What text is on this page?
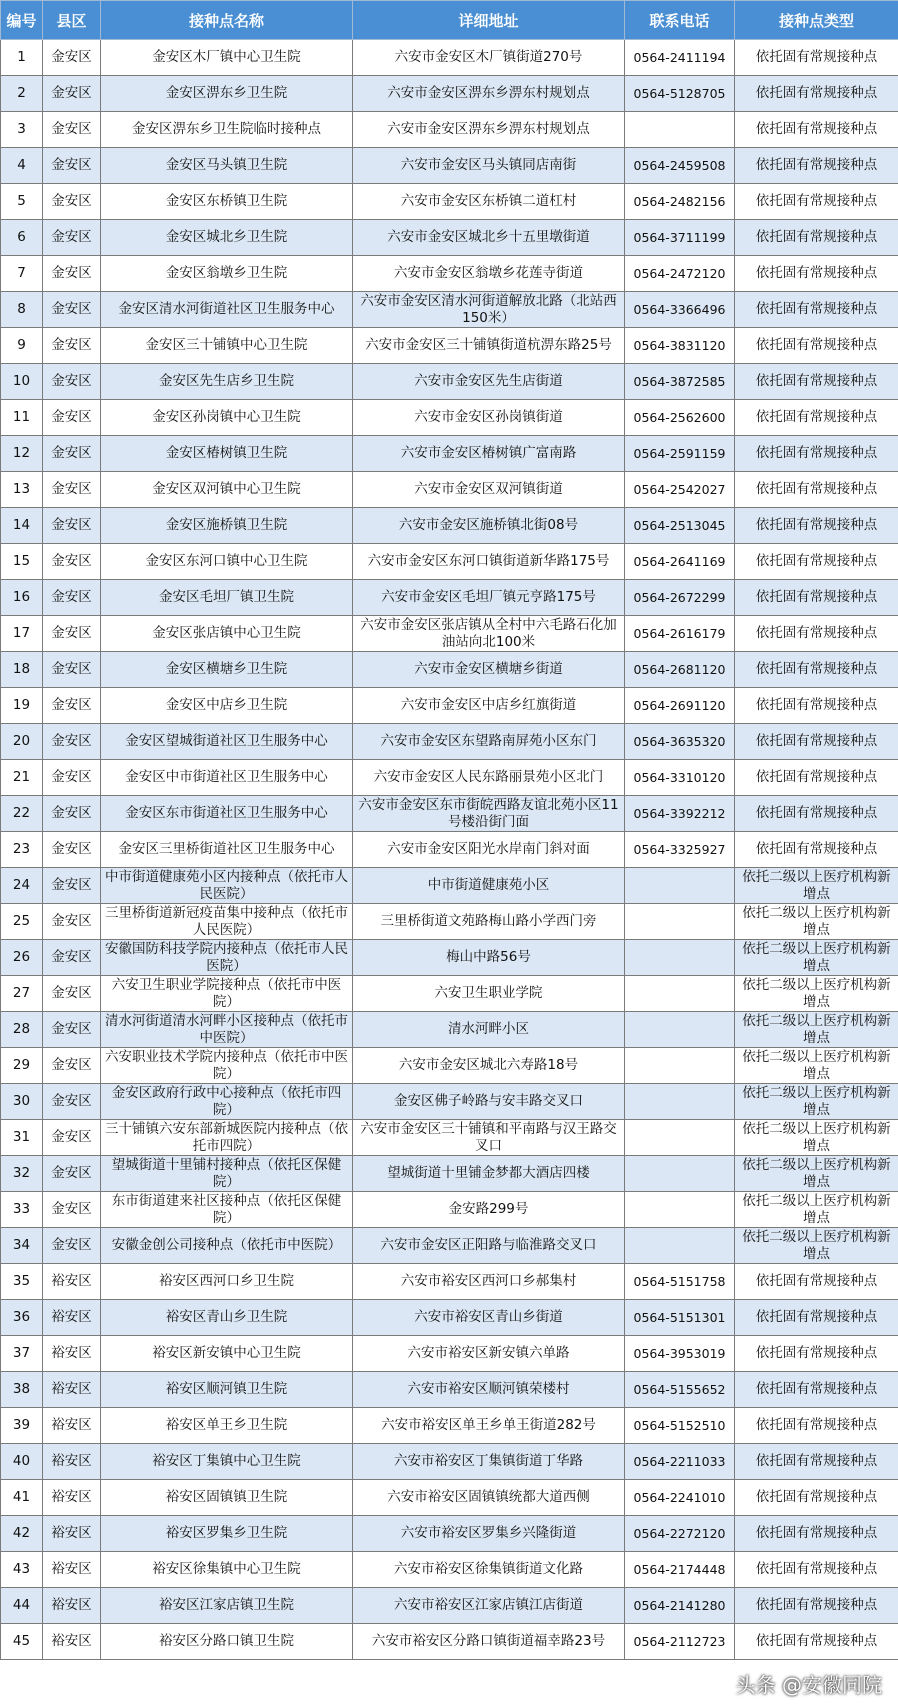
编号	县区	接种点名称	详细地址	联系电话	接种点类型
1	金安区	金安区木厂镇中心卫生院	六安市金安区木厂镇街道270号	0564-2411194	依托固有常规接种点
2	金安区	金安区淠东乡卫生院	六安市金安区淠东乡淠东村规划点	0564-5128705	依托固有常规接种点
3	金安区	金安区淠东乡卫生院临时接种点	六安市金安区淠东乡淠东村规划点		依托固有常规接种点
4	金安区	金安区马头镇卫生院	六安市金安区马头镇同店南街	0564-2459508	依托固有常规接种点
5	金安区	金安区东桥镇卫生院	六安市金安区东桥镇二道杠村	0564-2482156	依托固有常规接种点
6	金安区	金安区城北乡卫生院	六安市金安区城北乡十五里墩街道	0564-3711199	依托固有常规接种点
7	金安区	金安区翁墩乡卫生院	六安市金安区翁墩乡花莲寺街道	0564-2472120	依托固有常规接种点
8	金安区	金安区清水河街道社区卫生服务中心	六安市金安区清水河街道解放北路（北站西150米）	0564-3366496	依托固有常规接种点
9	金安区	金安区三十铺镇中心卫生院	六安市金安区三十铺镇街道杭淠东路25号	0564-3831120	依托固有常规接种点
10	金安区	金安区先生店乡卫生院	六安市金安区先生店街道	0564-3872585	依托固有常规接种点
11	金安区	金安区孙岗镇中心卫生院	六安市金安区孙岗镇街道	0564-2562600	依托固有常规接种点
12	金安区	金安区椿树镇卫生院	六安市金安区椿树镇广富南路	0564-2591159	依托固有常规接种点
13	金安区	金安区双河镇中心卫生院	六安市金安区双河镇街道	0564-2542027	依托固有常规接种点
14	金安区	金安区施桥镇卫生院	六安市金安区施桥镇北街08号	0564-2513045	依托固有常规接种点
15	金安区	金安区东河口镇中心卫生院	六安市金安区东河口镇街道新华路175号	0564-2641169	依托固有常规接种点
16	金安区	金安区毛坦厂镇卫生院	六安市金安区毛坦厂镇元亨路175号	0564-2672299	依托固有常规接种点
17	金安区	金安区张店镇中心卫生院	六安市金安区张店镇从全村中六毛路石化加油站向北100米	0564-2616179	依托固有常规接种点
18	金安区	金安区横塘乡卫生院	六安市金安区横塘乡街道	0564-2681120	依托固有常规接种点
19	金安区	金安区中店乡卫生院	六安市金安区中店乡红旗街道	0564-2691120	依托固有常规接种点
20	金安区	金安区望城街道社区卫生服务中心	六安市金安区东望路南屏苑小区东门	0564-3635320	依托固有常规接种点
21	金安区	金安区中市街道社区卫生服务中心	六安市金安区人民东路丽景苑小区北门	0564-3310120	依托固有常规接种点
22	金安区	金安区东市街道社区卫生服务中心	六安市金安区东市街皖西路友谊北苑小区11号楼沿街门面	0564-3392212	依托固有常规接种点
23	金安区	金安区三里桥街道社区卫生服务中心	六安市金安区阳光水岸南门斜对面	0564-3325927	依托固有常规接种点
24	金安区	中市街道健康苑小区内接种点（依托市人民医院）	中市街道健康苑小区		依托二级以上医疗机构新增点
25	金安区	三里桥街道新冠疫苗集中接种点（依托市人民医院）	三里桥街道文苑路梅山路小学西门旁		依托二级以上医疗机构新增点
26	金安区	安徽国防科技学院内接种点（依托市人民医院）	梅山中路56号		依托二级以上医疗机构新增点
27	金安区	六安卫生职业学院接种点（依托市中医院）	六安卫生职业学院		依托二级以上医疗机构新增点
28	金安区	清水河街道清水河畔小区接种点（依托市中医院）	清水河畔小区		依托二级以上医疗机构新增点
29	金安区	六安职业技术学院内接种点（依托市中医院）	六安市金安区城北六寿路18号		依托二级以上医疗机构新增点
30	金安区	金安区政府行政中心接种点（依托市四院）	金安区佛子岭路与安丰路交叉口		依托二级以上医疗机构新增点
31	金安区	三十铺镇六安东部新城医院内接种点（依托市四院）	六安市金安区三十铺镇和平南路与汉王路交叉口		依托二级以上医疗机构新增点
32	金安区	望城街道十里铺村接种点（依托区保健院）	望城街道十里铺金梦都大酒店四楼		依托二级以上医疗机构新增点
33	金安区	东市街道建来社区接种点（依托区保健院）	金安路299号		依托二级以上医疗机构新增点
34	金安区	安徽金创公司接种点（依托市中医院）	六安市金安区正阳路与临淮路交叉口		依托二级以上医疗机构新增点
35	裕安区	裕安区西河口乡卫生院	六安市裕安区西河口乡郝集村	0564-5151758	依托固有常规接种点
36	裕安区	裕安区青山乡卫生院	六安市裕安区青山乡街道	0564-5151301	依托固有常规接种点
37	裕安区	裕安区新安镇中心卫生院	六安市裕安区新安镇六单路	0564-3953019	依托固有常规接种点
38	裕安区	裕安区顺河镇卫生院	六安市裕安区顺河镇荣楼村	0564-5155652	依托固有常规接种点
39	裕安区	裕安区单王乡卫生院	六安市裕安区单王乡单王街道282号	0564-5152510	依托固有常规接种点
40	裕安区	裕安区丁集镇中心卫生院	六安市裕安区丁集镇街道丁华路	0564-2211033	依托固有常规接种点
41	裕安区	裕安区固镇镇卫生院	六安市裕安区固镇镇统都大道西侧	0564-2241010	依托固有常规接种点
42	裕安区	裕安区罗集乡卫生院	六安市裕安区罗集乡兴隆街道	0564-2272120	依托固有常规接种点
43	裕安区	裕安区徐集镇中心卫生院	六安市裕安区徐集镇街道文化路	0564-2174448	依托固有常规接种点
44	裕安区	裕安区江家店镇卫生院	六安市裕安区江家店镇江店街道	0564-2141280	依托固有常规接种点
45	裕安区	裕安区分路口镇卫生院	六安市裕安区分路口镇街道福幸路23号	0564-2112723	依托固有常规接种点
头条 @安徽同院
